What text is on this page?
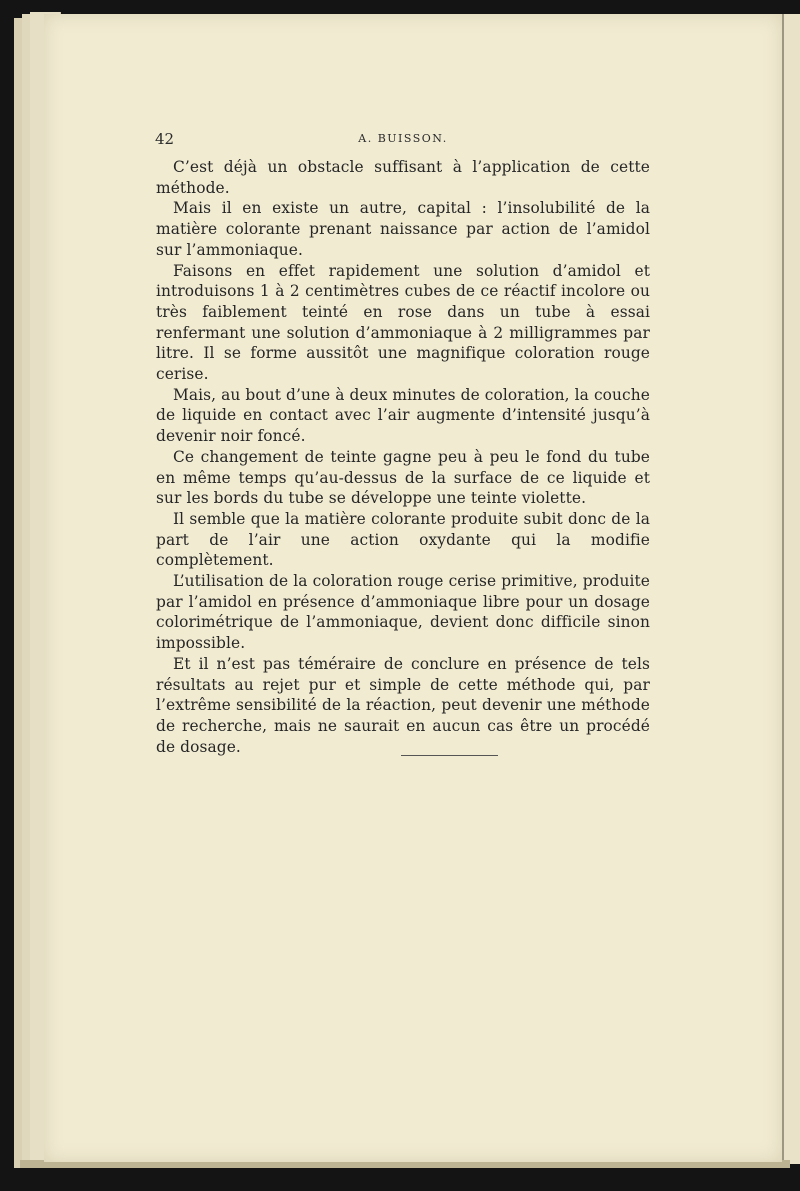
42	A. BUISSON.

C’est déjà un obstacle suffisant à l’application de cette méthode.

Mais il en existe un autre, capital : l’insolubilité de la matière colorante prenant naissance par action de l’amidol sur l’ammoniaque.

Faisons en effet rapidement une solution d’amidol et introduisons 1 à 2 centimètres cubes de ce réactif incolore ou très faiblement teinté en rose dans un tube à essai renfermant une solution d’ammoniaque à 2 milligrammes par litre. Il se forme aussitôt une magnifique coloration rouge cerise.

Mais, au bout d’une à deux minutes de coloration, la couche de liquide en contact avec l’air augmente d’intensité jusqu’à devenir noir foncé.

Ce changement de teinte gagne peu à peu le fond du tube en même temps qu’au-dessus de la surface de ce liquide et sur les bords du tube se développe une teinte violette.

Il semble que la matière colorante produite subit donc de la part de l’air une action oxydante qui la modifie complètement.

L’utilisation de la coloration rouge cerise primitive, produite par l’amidol en présence d’ammoniaque libre pour un dosage colorimétrique de l’ammoniaque, devient donc difficile sinon impossible.

Et il n’est pas téméraire de conclure en présence de tels résultats au rejet pur et simple de cette méthode qui, par l’extrême sensibilité de la réaction, peut devenir une méthode de recherche, mais ne saurait en aucun cas être un procédé de dosage.
